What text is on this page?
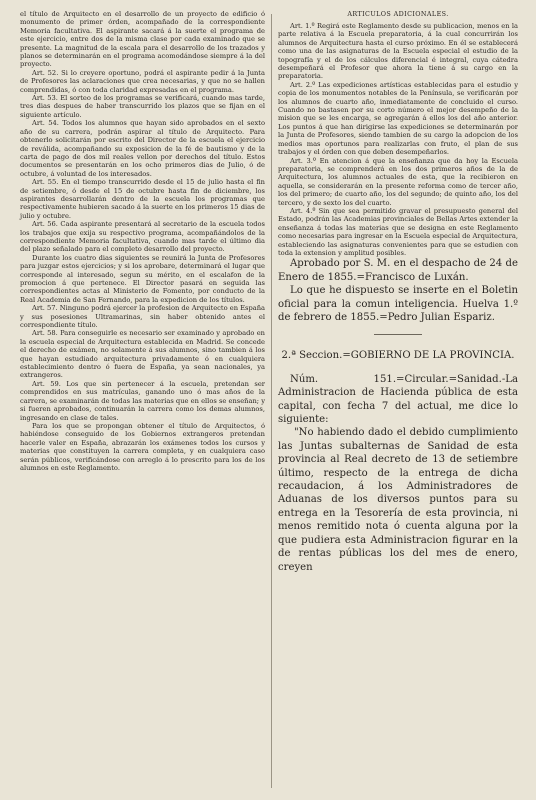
el título de Arquitecto en el desarrollo de un proyecto de edificio ó monumento de primer órden, acompañado de la correspondiente Memoria facultativa. El aspirante sacará á la suerte el programa de este ejercicio, entre dos de la misma clase por cada examinado que se presente. La magnitud de la escala para el desarrollo de los trazados y planos se determinarán en el programa acomodándose siempre á la del proyecto.

Art. 52. Si lo creyere oportuno, podrá el aspirante pedir á la Junta de Profesores las aclaraciones que crea necesarias, y que no se hallen comprendidas, ó con toda claridad expresadas en el programa.

Art. 53. El sorteo de los programas se verificará, cuando mas tarde, tres dias despues de haber transcurrido los plazos que se fijan en el siguiente artículo.

Art. 54. Todos los alumnos que hayan sido aprobados en el sexto año de su carrera, podrán aspirar al título de Arquitecto. Para obtenerlo solicitarán por escrito del Director de la escuela el ejercicio de reválida, acompañando su exposicion de la fé de bautismo y de la carta de pago de dos mil reales vellon por derechos del título. Estos documentos se presentarán en los ocho primeros dias de Julio, ó de octubre, á voluntad de los interesados.

Art. 55. En el tiempo transcurrido desde el 15 de julio hasta el fin de setiembre, ó desde el 15 de octubre hasta fin de diciembre, los aspirantes desarrollarán dentro de la escuela los programas que respectivamente hubieren sacado á la suerte en los primeros 15 dias de julio y octubre.

Art. 56. Cada aspirante presentará al secretario de la escuela todos los trabajos que exija su respectivo programa, acompañándolos de la correspondiente Memoria facultativa, cuando mas tarde el último dia del plazo señalado para el completo desarrollo del proyecto.

Durante los cuatro dias siguientes se reunirá la Junta de Profesores para juzgar estos ejercicios; y si los aprobare, determinará el lugar que corresponde al interesado, segun su mérito, en el escalafon de la promocion á que pertenece. El Director pasará en seguida las correspondientes actas al Ministerio de Fomento, por conducto de la Real Academia de San Fernando, para la expedicion de los títulos.

Art. 57. Ninguno podrá ejercer la profesion de Arquitecto en España y sus posesiones Ultramarinas, sin haber obtenido antes el correspondiente título.

Art. 58. Para conseguirle es necesario ser examinado y aprobado en la escuela especial de Arquitectura establecida en Madrid. Se concede el derecho de exámen, no solamente á sus alumnos, sino tambien á los que hayan estudiado arquitectura privadamente ó en cualquiera establecimiento dentro ó fuera de España, ya sean nacionales, ya extrangeros.

Art. 59. Los que sin pertenecer á la escuela, pretendan ser comprendidos en sus matrículas, ganando uno ó mas años de la carrera, se examinarán de todas las materias que en ellos se enseñan; y si fueren aprobados, continuarán la carrera como los demas alumnos, ingresando en clase de tales.

Para los que se propongan obtener el título de Arquitectos, ó habiéndose conseguido de los Gobiernos extrangeros pretendan hacerle valer en España, abrazarán los exámenes todos los cursos y materias que constituyen la carrera completa, y en cualquiera caso serán públicos, verificándose con arreglo á lo prescrito para los de los alumnos en este Reglamento.

ARTICULOS ADICIONALES.

Art. 1.º Regirá este Reglamento desde su publicacion, menos en la parte relativa á la Escuela preparatoria, á la cual concurrirán los alumnos de Arquitectura hasta el curso próximo. En él se establecerá como una de las asignaturas de la Escuela especial el estudio de la topografía y el de los cálculos diferencial é integral, cuya cátedra desempeñará el Profesor que ahora la tiene á su cargo en la preparatoria.

Art. 2.º Las expediciones artísticas establecidas para el estudio y copia de los monumentos notables de la Península, se verificarán por los alumnos de cuarto año, inmediatamente de concluido el curso. Cuando no bastasen por su corto número el mejor desempeño de la mision que se les encarga, se agregarán á ellos los del año anterior. Los puntos á que han dirigirse las expediciones se determinarán por la Junta de Profesores, siendo tambien de su cargo la adopcion de los medios mas oportunos para realizarlas con fruto, el plan de sus trabajos y el órden con que deben desempeñarlos.

Art. 3.º En atencion á que la enseñanza que da hoy la Escuela preparatoria, se comprenderá en los dos primeros años de la de Arquitectura, los alumnos actuales de esta, que la recibieron en aquella, se considerarán en la presente reforma como de tercer año, los del primero; de cuarto año, los del segundo; de quinto año, los del tercero, y de sexto los del cuarto.

Art. 4.º Sin que sea permitido gravar el presupuesto general del Estado, podrán las Academias provinciales de Bellas Artes extender la enseñanza á todas las materias que se designa en este Reglamento como necesarias para ingresar en la Escuela especial de Arquitectura, estableciendo las asignaturas convenientes para que se estudien con toda la extension y amplitud posibles.

Aprobado por S. M. en el despacho de 24 de Enero de 1855.=Francisco de Luxán.

Lo que he dispuesto se inserte en el Boletin oficial para la comun inteligencia. Huelva 1.º de febrero de 1855.=Pedro Julian Espariz.

2.ª Seccion.=GOBIERNO DE LA PROVINCIA.

Núm. 151.=Circular.=Sanidad.-La Administracion de Hacienda pública de esta capital, con fecha 7 del actual, me dice lo siguiente:

"No habiendo dado el debido cumplimiento las Juntas subalternas de Sanidad de esta provincia al Real decreto de 13 de setiembre último, respecto de la entrega de dicha recaudacion, á los Administradores de Aduanas de los diversos puntos para su entrega en la Tesorería de esta provincia, ni menos remitido nota ó cuenta alguna por la que pudiera esta Administracion figurar en la de rentas públicas los del mes de enero, creyen
